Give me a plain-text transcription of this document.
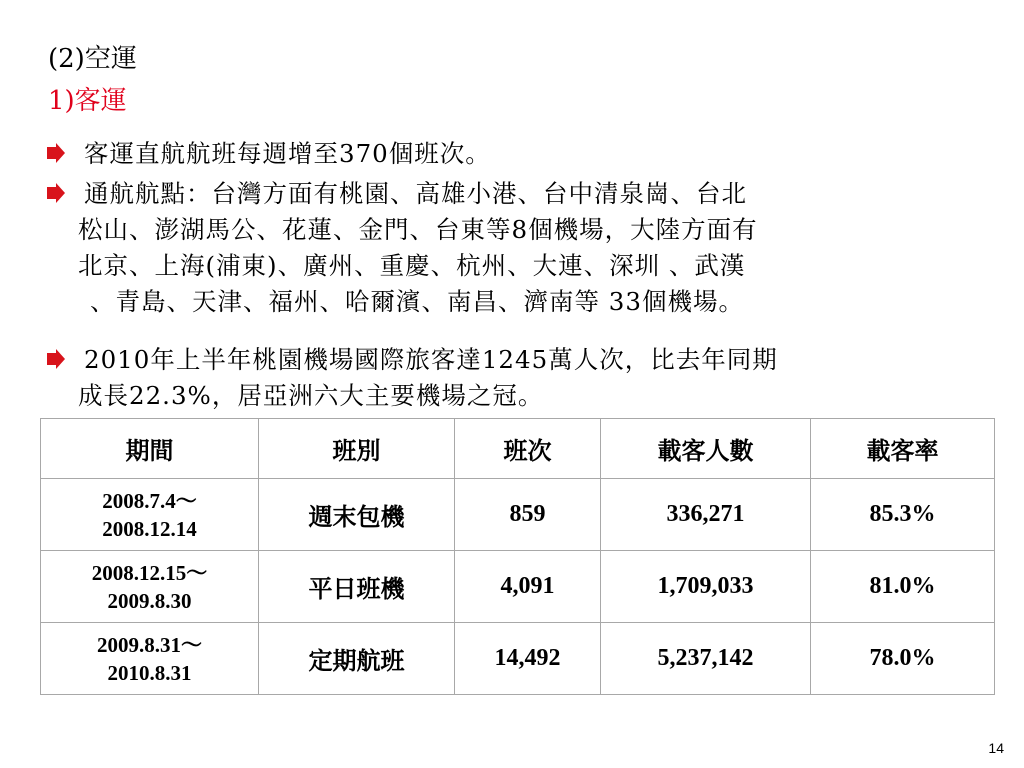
(2)空運
1)客運
客運直航航班每週增至370個班次。
通航航點：台灣方面有桃園、高雄小港、台中清泉崗、台北
松山、澎湖馬公、花蓮、金門、台東等8個機場，大陸方面有
北京、上海(浦東)、廣州、重慶、杭州、大連、深圳 、武漢
、青島、天津、福州、哈爾濱、南昌、濟南等 33個機場。
2010年上半年桃園機場國際旅客達1245萬人次，比去年同期
成長22.3%，居亞洲六大主要機場之冠。
期間	班別	班次	載客人數	載客率

2008.7.4～
2008.12.14	週末包機	859	336,271	85.3%

2008.12.15～
2009.8.30	平日班機	4,091	1,709,033	81.0%

2009.8.31～
2010.8.31	定期航班	14,492	5,237,142	78.0%
14
